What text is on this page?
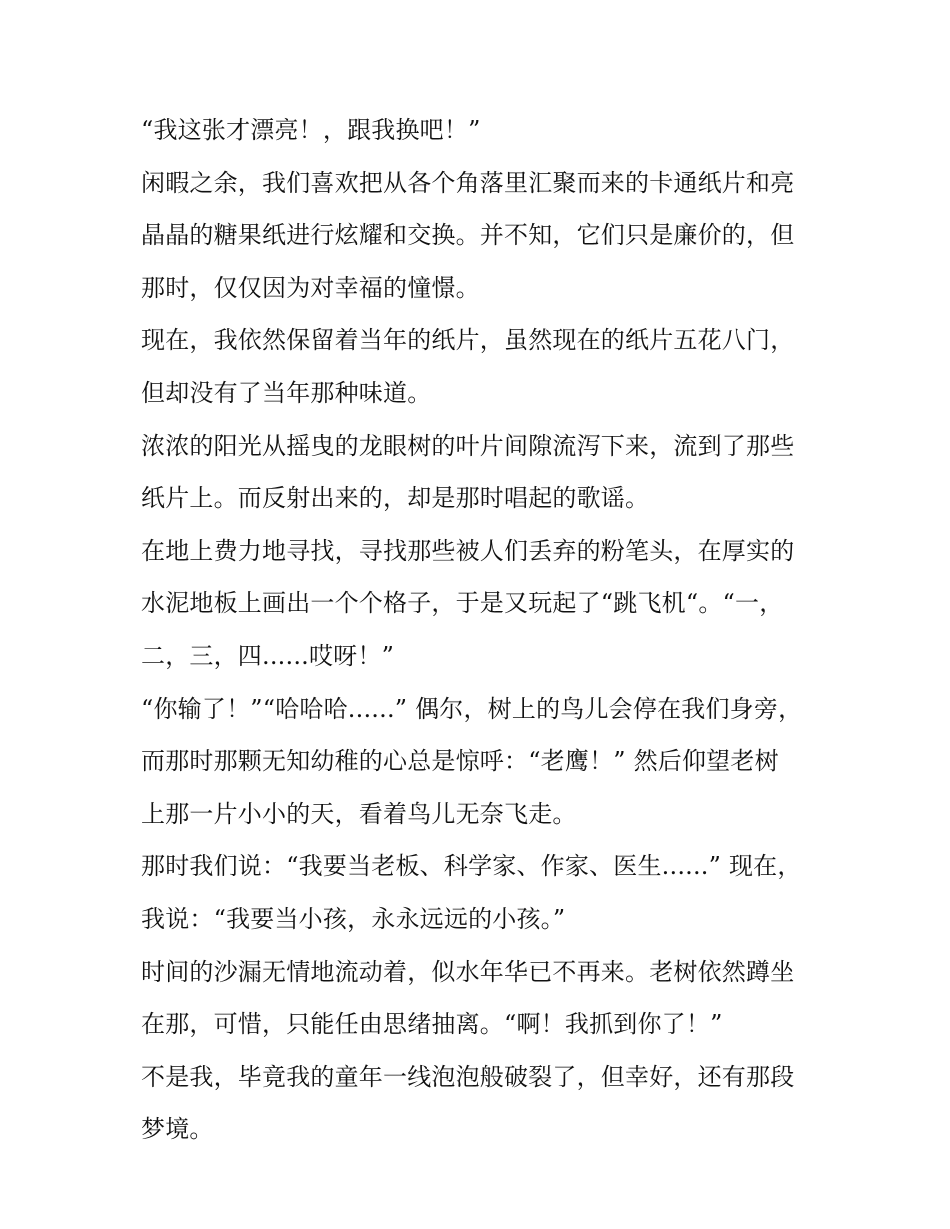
“我这张才漂亮！，跟我换吧！”
闲暇之余，我们喜欢把从各个角落里汇聚而来的卡通纸片和亮
晶晶的糖果纸进行炫耀和交换。并不知，它们只是廉价的，但
那时，仅仅因为对幸福的憧憬。
现在，我依然保留着当年的纸片，虽然现在的纸片五花八门，
但却没有了当年那种味道。
浓浓的阳光从摇曳的龙眼树的叶片间隙流泻下来，流到了那些
纸片上。而反射出来的，却是那时唱起的歌谣。
在地上费力地寻找，寻找那些被人们丢弃的粉笔头，在厚实的
水泥地板上画出一个个格子，于是又玩起了“跳飞机“。“一，
二，三，四......哎呀！”
“你输了！”“哈哈哈......” 偶尔，树上的鸟儿会停在我们身旁，
而那时那颗无知幼稚的心总是惊呼：“老鹰！” 然后仰望老树
上那一片小小的天，看着鸟儿无奈飞走。
那时我们说：“我要当老板、科学家、作家、医生......” 现在，
我说：“我要当小孩，永永远远的小孩。”
时间的沙漏无情地流动着，似水年华已不再来。老树依然蹲坐
在那，可惜，只能任由思绪抽离。“啊！我抓到你了！”
不是我，毕竟我的童年一线泡泡般破裂了，但幸好，还有那段
梦境。
